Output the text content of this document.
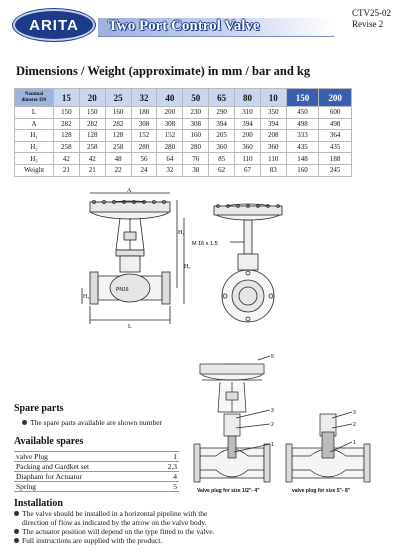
ARITA Two Port Control Valve
CTV25-02
Revise 2
Dimensions / Weight (approximate) in mm / bar and kg
Nominal
dimeter DN	15	20	25	32	40	50	65	80	10	150	200
L	150	150	160	180	200	230	290	310	350	450	600
A	282	282	282	308	308	308	394	394	394	498	498
H₁	128	128	128	152	152	160	205	200	208	333	364
H₂	258	258	258	280	280	280	360	360	360	435	435
H₃	42	42	48	56	64	76	85	110	110	148	188
Weight	21	21	22	24	32	38	62	67	83	160	245
A
H₁
H₂
H₃
L
PN16
M 16 x 1.5
Spare parts
The spare parts available are shown number
Available spares
valve Plug	1
Packing and Gardket set	2,3
Diapham for Actuator	4
Spring	5
Installation
The valve should be installed in a horizontal pipeline with the
direction of flow as indicated by the arrow on the valve body.
The actuator position will depend on the type fitted to the valve.
Full instructions are supplied with the product.
5
3
2
1
3
2
1
Valve plug for size 1/2"- 4"	valve plug for size 5"- 8"
